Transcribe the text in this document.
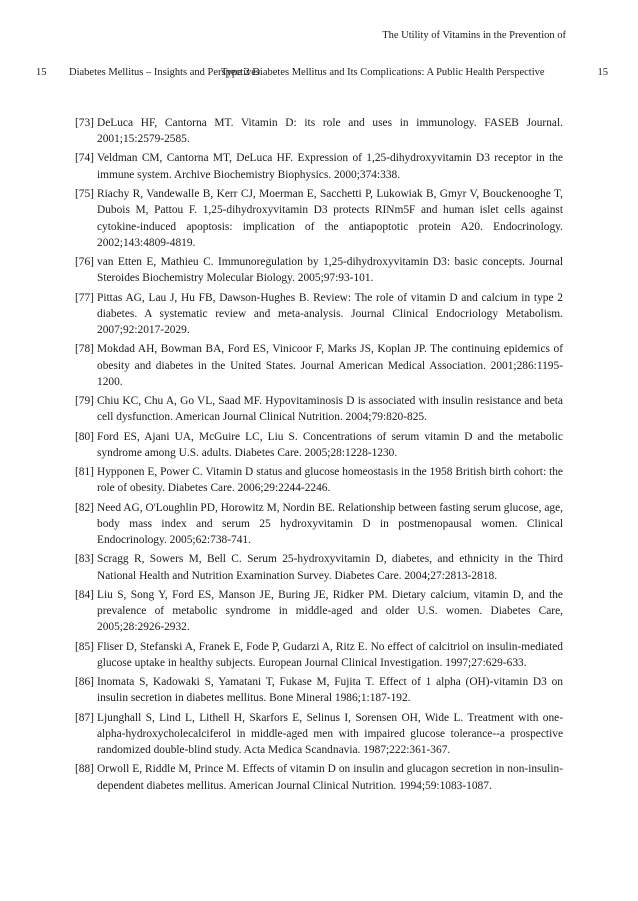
The Utility of Vitamins in the Prevention of
15 Diabetes Mellitus – Insights and Perspectives
Type 2 Diabetes Mellitus and Its Complications: A Public Health Perspective	15
[73] DeLuca HF, Cantorna MT. Vitamin D: its role and uses in immunology. FASEB Journal. 2001;15:2579-2585.
[74] Veldman CM, Cantorna MT, DeLuca HF. Expression of 1,25-dihydroxyvitamin D3 receptor in the immune system. Archive Biochemistry Biophysics. 2000;374:338.
[75] Riachy R, Vandewalle B, Kerr CJ, Moerman E, Sacchetti P, Lukowiak B, Gmyr V, Bouckenooghe T, Dubois M, Pattou F. 1,25-dihydroxyvitamin D3 protects RINm5F and human islet cells against cytokine-induced apoptosis: implication of the antiapoptotic protein A20. Endocrinology. 2002;143:4809-4819.
[76] van Etten E, Mathieu C. Immunoregulation by 1,25-dihydroxyvitamin D3: basic concepts. Journal Steroides Biochemistry Molecular Biology. 2005;97:93-101.
[77] Pittas AG, Lau J, Hu FB, Dawson-Hughes B. Review: The role of vitamin D and calcium in type 2 diabetes. A systematic review and meta-analysis. Journal Clinical Endocriology Metabolism. 2007;92:2017-2029.
[78] Mokdad AH, Bowman BA, Ford ES, Vinicoor F, Marks JS, Koplan JP. The continuing epidemics of obesity and diabetes in the United States. Journal American Medical Association. 2001;286:1195-1200.
[79] Chiu KC, Chu A, Go VL, Saad MF. Hypovitaminosis D is associated with insulin resistance and beta cell dysfunction. American Journal Clinical Nutrition. 2004;79:820-825.
[80] Ford ES, Ajani UA, McGuire LC, Liu S. Concentrations of serum vitamin D and the metabolic syndrome among U.S. adults. Diabetes Care. 2005;28:1228-1230.
[81] Hypponen E, Power C. Vitamin D status and glucose homeostasis in the 1958 British birth cohort: the role of obesity. Diabetes Care. 2006;29:2244-2246.
[82] Need AG, O'Loughlin PD, Horowitz M, Nordin BE. Relationship between fasting serum glucose, age, body mass index and serum 25 hydroxyvitamin D in postmenopausal women. Clinical Endocrinology. 2005;62:738-741.
[83] Scragg R, Sowers M, Bell C. Serum 25-hydroxyvitamin D, diabetes, and ethnicity in the Third National Health and Nutrition Examination Survey. Diabetes Care. 2004;27:2813-2818.
[84] Liu S, Song Y, Ford ES, Manson JE, Buring JE, Ridker PM. Dietary calcium, vitamin D, and the prevalence of metabolic syndrome in middle-aged and older U.S. women. Diabetes Care, 2005;28:2926-2932.
[85] Fliser D, Stefanski A, Franek E, Fode P, Gudarzi A, Ritz E. No effect of calcitriol on insulin-mediated glucose uptake in healthy subjects. European Journal Clinical Investigation. 1997;27:629-633.
[86] Inomata S, Kadowaki S, Yamatani T, Fukase M, Fujita T. Effect of 1 alpha (OH)-vitamin D3 on insulin secretion in diabetes mellitus. Bone Mineral 1986;1:187-192.
[87] Ljunghall S, Lind L, Lithell H, Skarfors E, Selinus I, Sorensen OH, Wide L. Treatment with one-alpha-hydroxycholecalciferol in middle-aged men with impaired glucose tolerance--a prospective randomized double-blind study. Acta Medica Scandnavia. 1987;222:361-367.
[88] Orwoll E, Riddle M, Prince M. Effects of vitamin D on insulin and glucagon secretion in non-insulin-dependent diabetes mellitus. American Journal Clinical Nutrition. 1994;59:1083-1087.
